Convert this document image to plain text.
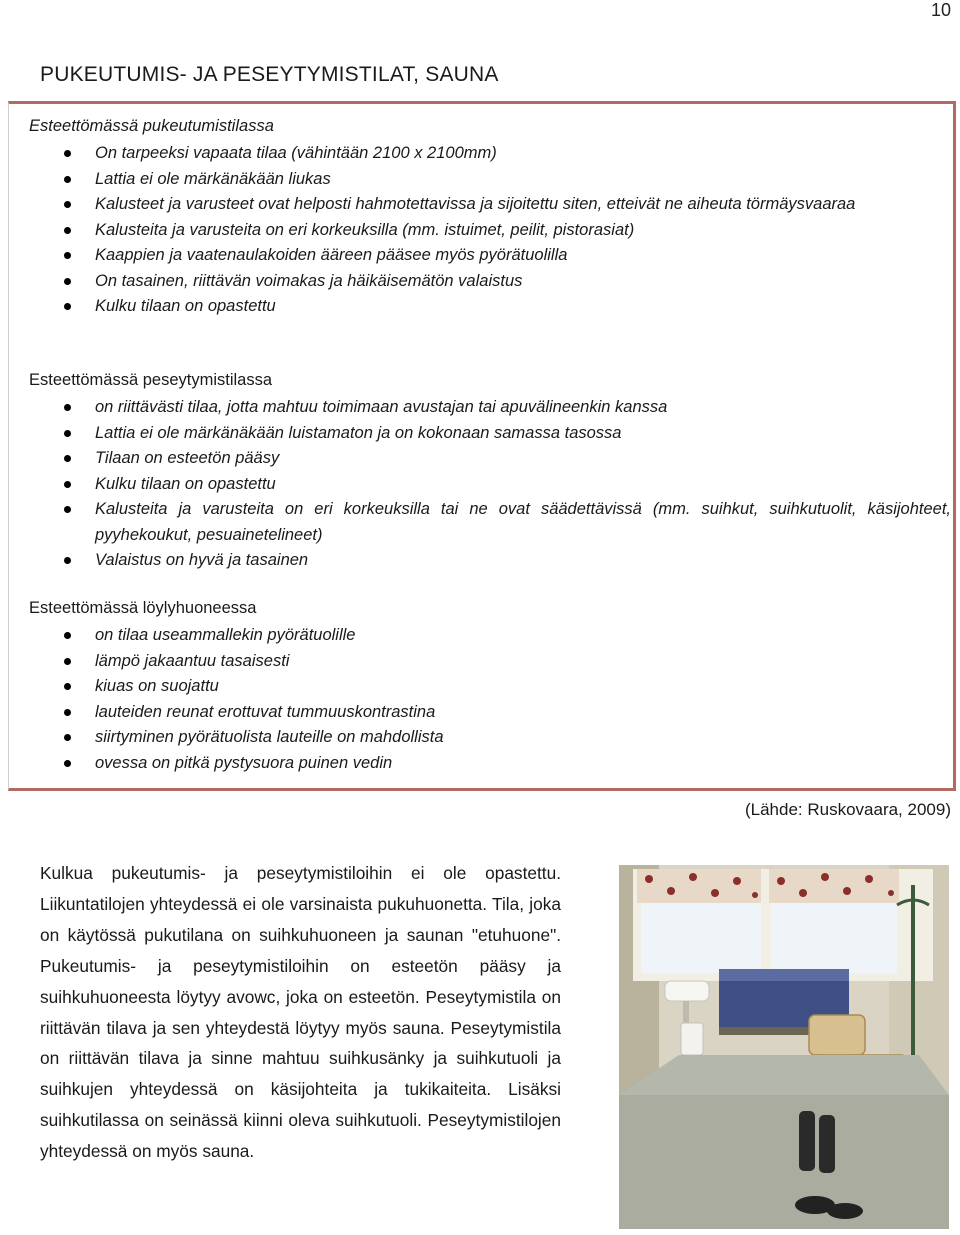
10
PUKEUTUMIS- JA PESEYTYMISTILAT, SAUNA
Esteettömässä pukeutumistilassa
On tarpeeksi vapaata tilaa (vähintään 2100 x 2100mm)
Lattia ei ole märkänäkään liukas
Kalusteet ja varusteet ovat helposti hahmotettavissa ja sijoitettu siten, etteivät ne aiheuta törmäysvaaraa
Kalusteita ja varusteita on eri korkeuksilla (mm. istuimet, peilit, pistorasiat)
Kaappien ja vaatenaulakoiden ääreen pääsee myös pyörätuolilla
On tasainen, riittävän voimakas ja häikäisemätön valaistus
Kulku tilaan on opastettu
Esteettömässä peseytymistilassa
on riittävästi tilaa, jotta mahtuu toimimaan avustajan tai apuvälineenkin kanssa
Lattia ei ole märkänäkään luistamaton ja on kokonaan samassa tasossa
Tilaan on esteetön pääsy
Kulku tilaan on opastettu
Kalusteita ja varusteita on eri korkeuksilla tai ne ovat säädettävissä (mm. suihkut, suihkutuolit, käsijohteet, pyyhekoukut, pesuainetelineet)
Valaistus on hyvä ja tasainen
Esteettömässä löylyhuoneessa
on tilaa useammallekin pyörätuolille
lämpö jakaantuu tasaisesti
kiuas on suojattu
lauteiden reunat erottuvat tummuuskontrastina
siirtyminen pyörätuolista lauteille on mahdollista
ovessa on pitkä pystysuora puinen vedin
(Lähde: Ruskovaara, 2009)

Kulkua pukeutumis- ja peseytymistiloihin ei ole opastettu. Liikuntatilojen yhteydessä ei ole varsinaista pukuhuonetta. Tila, joka on käytössä pukutilana on suihkuhuoneen ja saunan "etuhuone". Pukeutumis- ja peseytymistiloihin on esteetön pääsy ja suihkuhuoneesta löytyy avowc, joka on esteetön. Peseytymistila on riittävän tilava ja sen yhteydestä löytyy myös sauna. Peseytymistila on riittävän tilava ja sinne mahtuu suihkusänky ja suihkutuoli ja suihkujen yhteydessä on käsijohteita ja tukikaiteita. Lisäksi suihkutilassa on seinässä kiinni oleva suihkutuoli. Peseytymistilojen yhteydessä on myös sauna.
